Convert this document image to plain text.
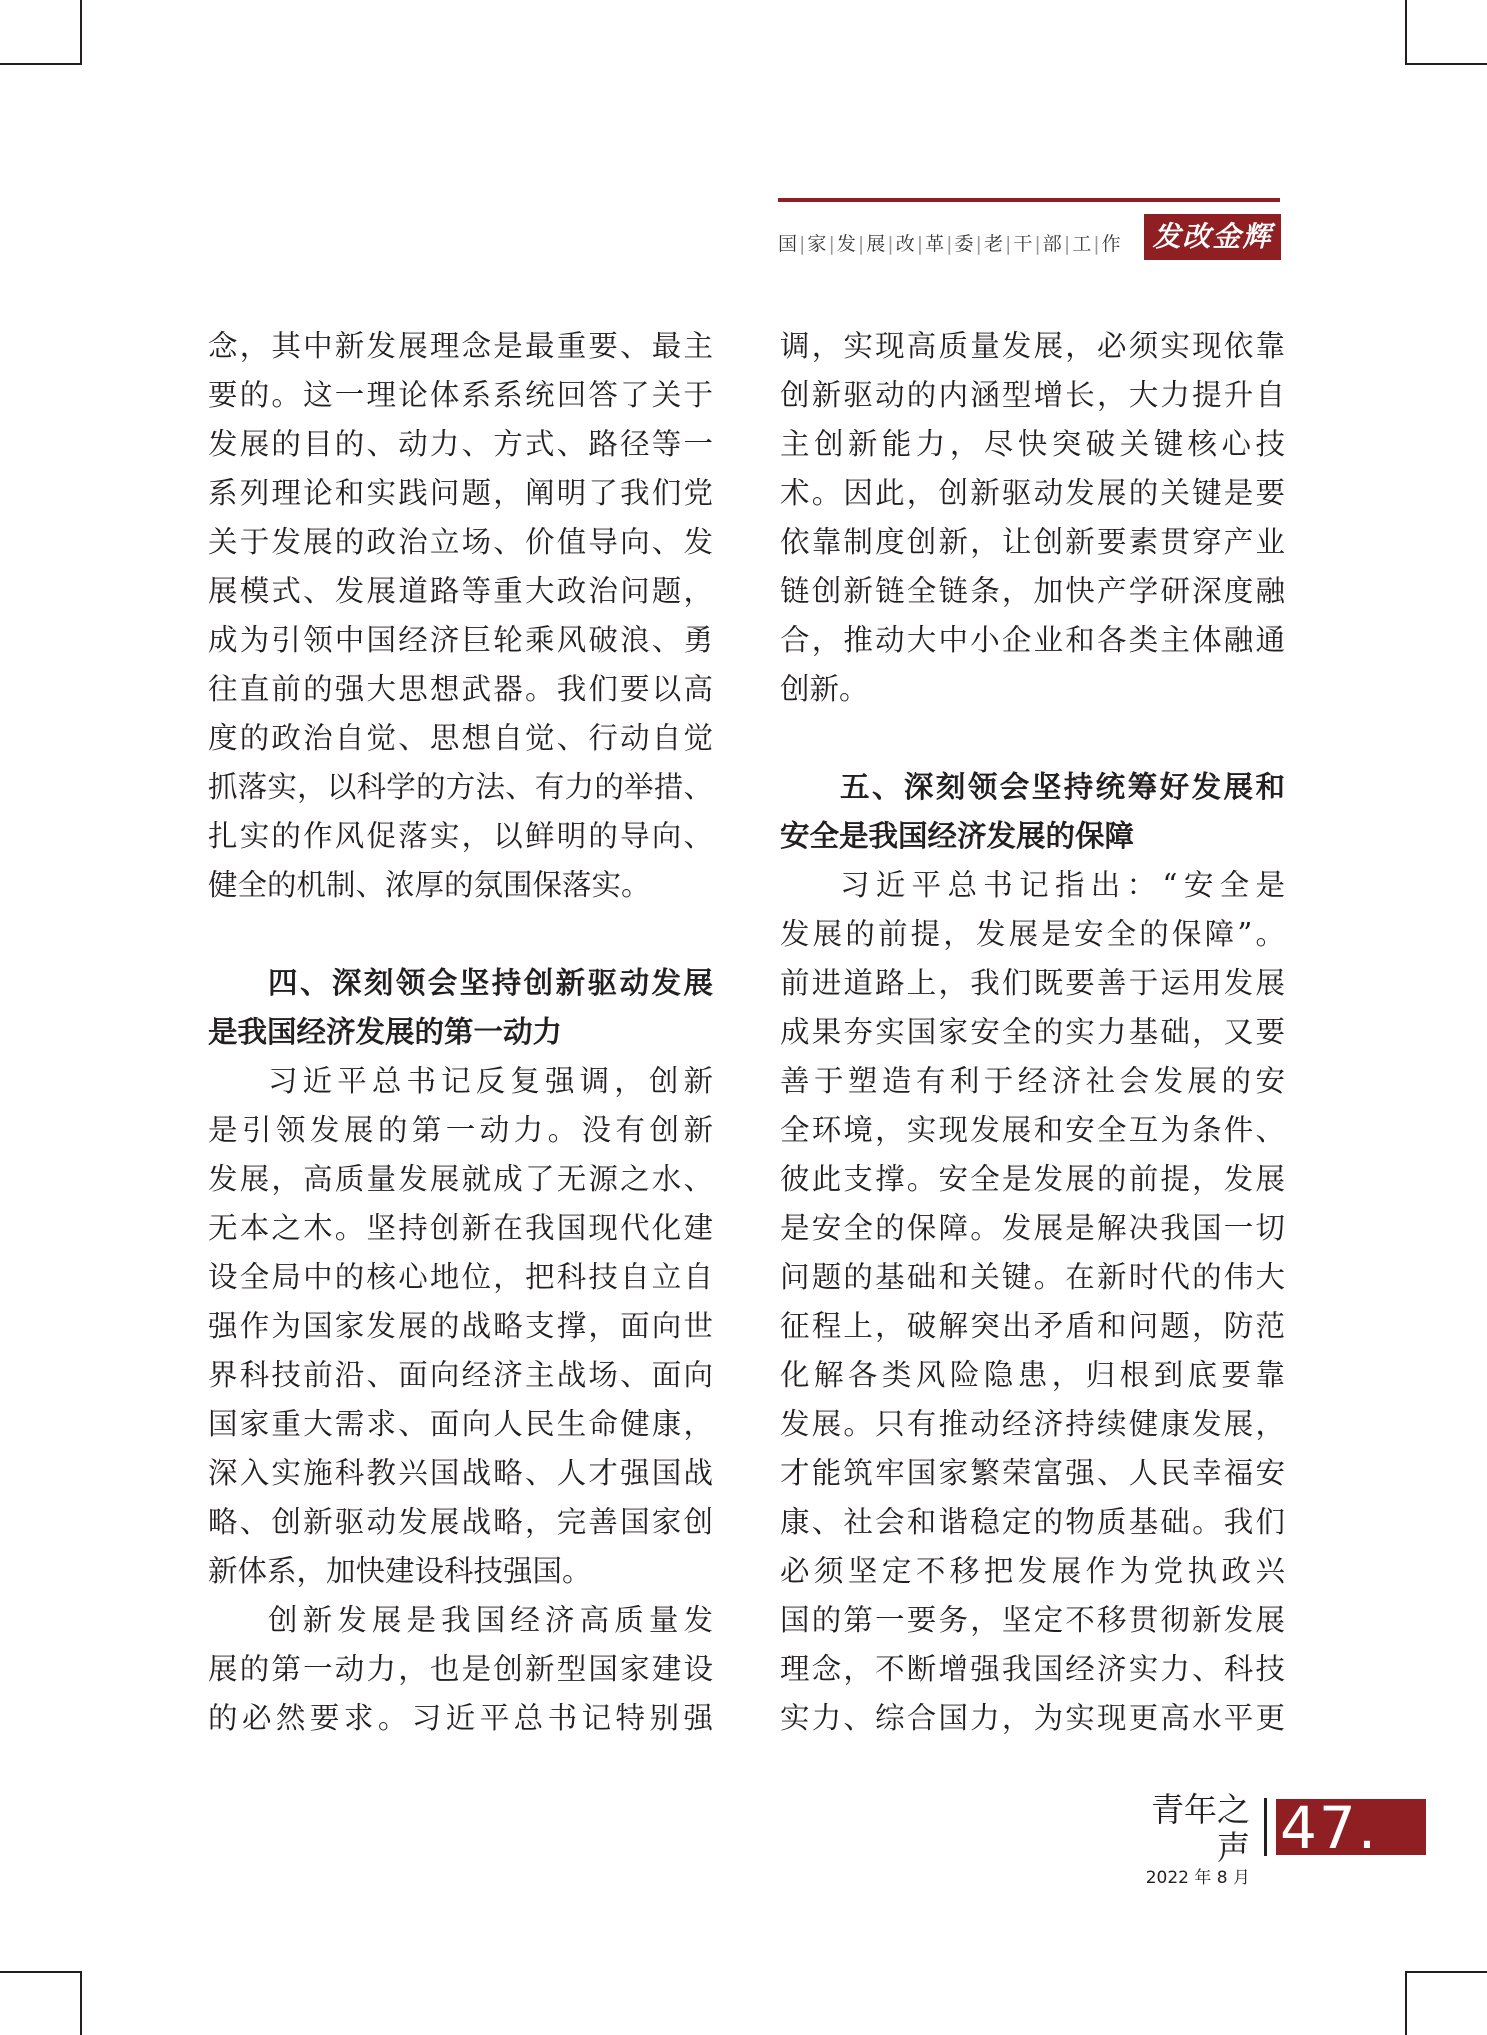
国 | 家 | 发 | 展 | 改 | 革 | 委 | 老 | 干 | 部 | 工 | 作	发改金辉
念，其中新发展理念是最重要、最主
要的。这一理论体系系统回答了关于
发展的目的、动力、方式、路径等一
系列理论和实践问题，阐明了我们党
关于发展的政治立场、价值导向、发
展模式、发展道路等重大政治问题，
成为引领中国经济巨轮乘风破浪、勇
往直前的强大思想武器。我们要以高
度的政治自觉、思想自觉、行动自觉
抓落实，以科学的方法、有力的举措、
扎实的作风促落实，以鲜明的导向、
健全的机制、浓厚的氛围保落实。
四、深刻领会坚持创新驱动发展
是我国经济发展的第一动力
习近平总书记反复强调，创新
是引领发展的第一动力。没有创新
发展，高质量发展就成了无源之水、
无本之木。坚持创新在我国现代化建
设全局中的核心地位，把科技自立自
强作为国家发展的战略支撑，面向世
界科技前沿、面向经济主战场、面向
国家重大需求、面向人民生命健康，
深入实施科教兴国战略、人才强国战
略、创新驱动发展战略，完善国家创
新体系，加快建设科技强国。
创新发展是我国经济高质量发
展的第一动力，也是创新型国家建设
的必然要求。习近平总书记特别强
调，实现高质量发展，必须实现依靠
创新驱动的内涵型增长，大力提升自
主创新能力，尽快突破关键核心技
术。因此，创新驱动发展的关键是要
依靠制度创新，让创新要素贯穿产业
链创新链全链条，加快产学研深度融
合，推动大中小企业和各类主体融通
创新。
五、深刻领会坚持统筹好发展和
安全是我国经济发展的保障
习近平总书记指出：“安全是
发展的前提，发展是安全的保障”。
前进道路上，我们既要善于运用发展
成果夯实国家安全的实力基础，又要
善于塑造有利于经济社会发展的安
全环境，实现发展和安全互为条件、
彼此支撑。安全是发展的前提，发展
是安全的保障。发展是解决我国一切
问题的基础和关键。在新时代的伟大
征程上，破解突出矛盾和问题，防范
化解各类风险隐患，归根到底要靠
发展。只有推动经济持续健康发展，
才能筑牢国家繁荣富强、人民幸福安
康、社会和谐稳定的物质基础。我们
必须坚定不移把发展作为党执政兴
国的第一要务，坚定不移贯彻新发展
理念，不断增强我国经济实力、科技
实力、综合国力，为实现更高水平更
青年之声
2022 年 8 月
47.
